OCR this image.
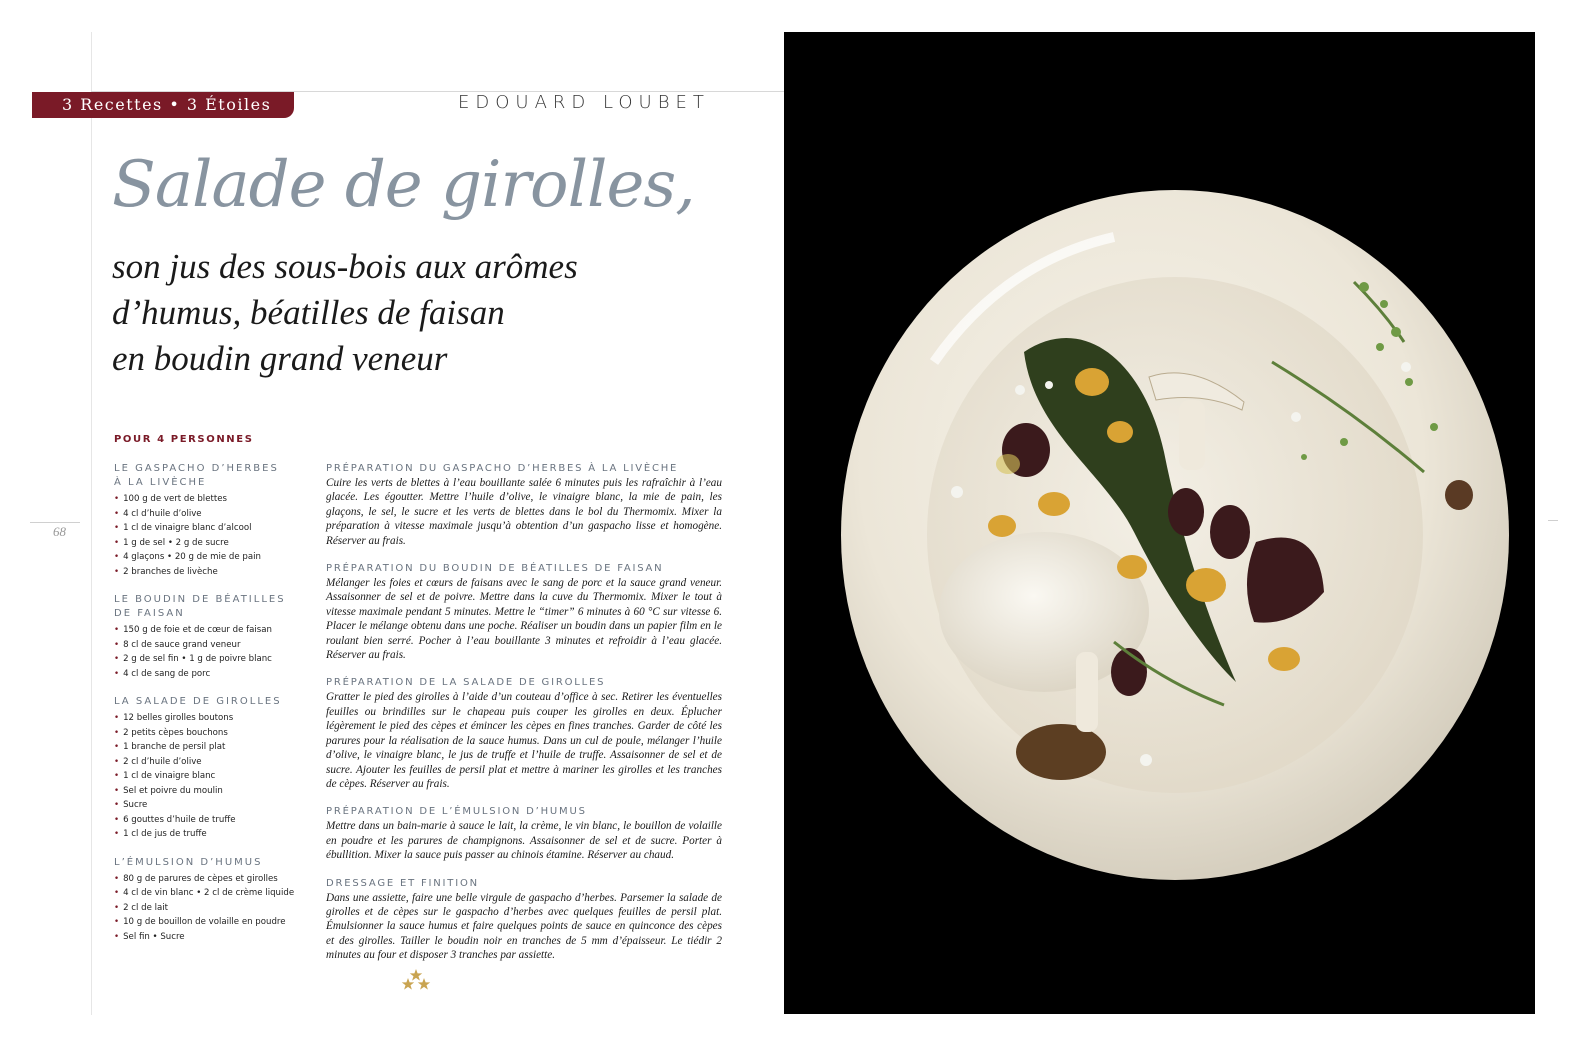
3 Recettes • 3 Étoiles	EDOUARD LOUBET
Salade de girolles,
son jus des sous-bois aux arômes
d’humus, béatilles de faisan
en boudin grand veneur
68
POUR 4 PERSONNES

LE GASPACHO D’HERBES
À LA LIVÈCHE

• 100 g de vert de blettes
• 4 cl d’huile d’olive
• 1 cl de vinaigre blanc d’alcool
• 1 g de sel • 2 g de sucre
• 4 glaçons • 20 g de mie de pain
• 2 branches de livèche

LE BOUDIN DE BÉATILLES
DE FAISAN

• 150 g de foie et de cœur de faisan
• 8 cl de sauce grand veneur
• 2 g de sel fin • 1 g de poivre blanc
• 4 cl de sang de porc

LA SALADE DE GIROLLES

• 12 belles girolles boutons
• 2 petits cèpes bouchons
• 1 branche de persil plat
• 2 cl d’huile d’olive
• 1 cl de vinaigre blanc
• Sel et poivre du moulin
• Sucre
• 6 gouttes d’huile de truffe
• 1 cl de jus de truffe

L’ÉMULSION D’HUMUS

• 80 g de parures de cèpes et girolles
• 4 cl de vin blanc • 2 cl de crème liquide
• 2 cl de lait
• 10 g de bouillon de volaille en poudre
• Sel fin • Sucre

PRÉPARATION DU GASPACHO D’HERBES À LA LIVÈCHE

Cuire les verts de blettes à l’eau bouillante salée 6 minutes puis les rafraîchir à l’eau glacée. Les égoutter. Mettre l’huile d’olive, le vinaigre blanc, la mie de pain, les glaçons, le sel, le sucre et les verts de blettes dans le bol du Thermomix. Mixer la préparation à vitesse maximale jusqu’à obtention d’un gaspacho lisse et homogène. Réserver au frais.

PRÉPARATION DU BOUDIN DE BÉATILLES DE FAISAN

Mélanger les foies et cœurs de faisans avec le sang de porc et la sauce grand veneur. Assaisonner de sel et de poivre. Mettre dans la cuve du Thermomix. Mixer le tout à vitesse maximale pendant 5 minutes. Mettre le “timer” 6 minutes à 60 °C sur vitesse 6. Placer le mélange obtenu dans une poche. Réaliser un boudin dans un papier film en le roulant bien serré. Pocher à l’eau bouillante 3 minutes et refroidir à l’eau glacée. Réserver au frais.

PRÉPARATION DE LA SALADE DE GIROLLES

Gratter le pied des girolles à l’aide d’un couteau d’office à sec. Retirer les éventuelles feuilles ou brindilles sur le chapeau puis couper les girolles en deux. Éplucher légèrement le pied des cèpes et émincer les cèpes en fines tranches. Garder de côté les parures pour la réalisation de la sauce humus. Dans un cul de poule, mélanger l’huile d’olive, le vinaigre blanc, le jus de truffe et l’huile de truffe. Assaisonner de sel et de sucre. Ajouter les feuilles de persil plat et mettre à mariner les girolles et les tranches de cèpes. Réserver au frais.

PRÉPARATION DE L’ÉMULSION D’HUMUS

Mettre dans un bain-marie à sauce le lait, la crème, le vin blanc, le bouillon de volaille en poudre et les parures de champignons. Assaisonner de sel et de sucre. Porter à ébullition. Mixer la sauce puis passer au chinois étamine. Réserver au chaud.

DRESSAGE ET FINITION

Dans une assiette, faire une belle virgule de gaspacho d’herbes. Parsemer la salade de girolles et de cèpes sur le gaspacho d’herbes avec quelques feuilles de persil plat. Émulsionner la sauce humus et faire quelques points de sauce en quinconce des cèpes et des girolles. Tailler le boudin noir en tranches de 5 mm d’épaisseur. Le tiédir 2 minutes au four et disposer 3 tranches par assiette.
